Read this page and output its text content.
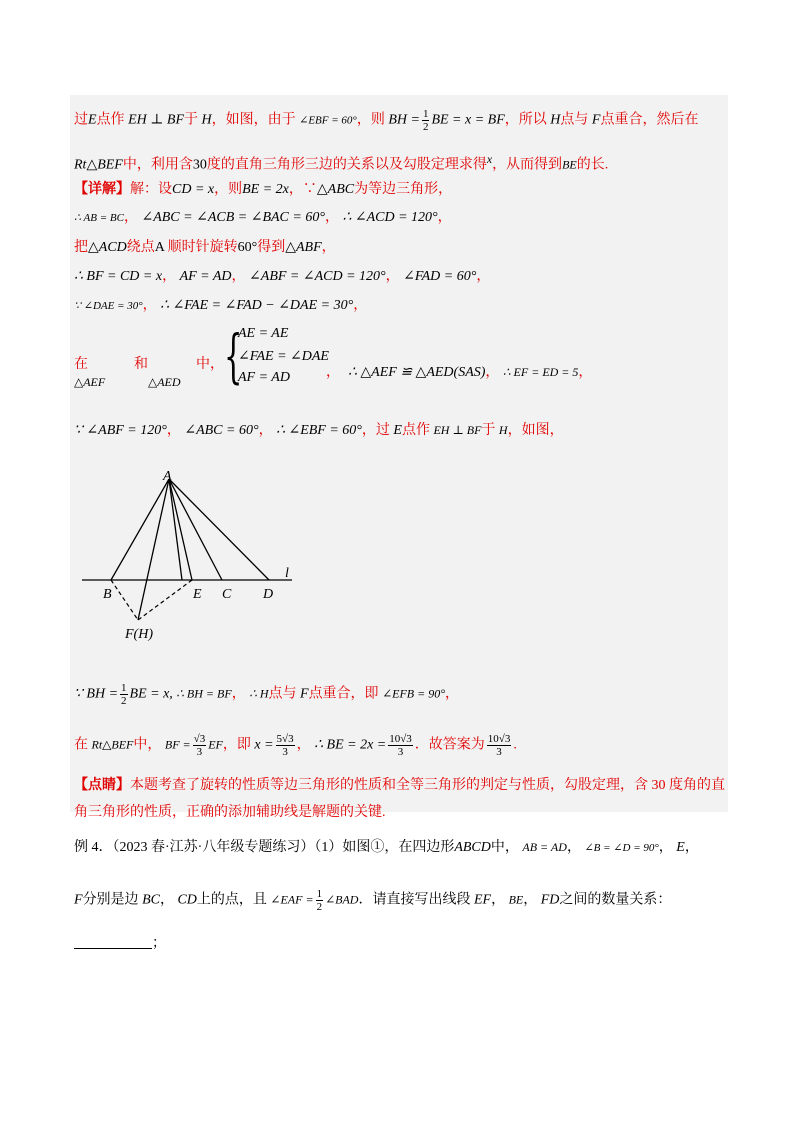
过E点作 EH ⊥ BF于 H，如图，由于 ∠EBF = 60°，则 BH = $\frac{1}{2}$ BE = x = BF，所以 H点与 F点重合，然后在
Rt△BEF中，利用含30度的直角三角形三边的关系以及勾股定理求得$^x$，从而得到BE的长.
【详解】解：设CD = x，则BE = 2x，∵△ABC为等边三角形，
∴ AB = BC， ∠ABC = ∠ACB = ∠BAC = 60°， ∴ ∠ACD = 120°，
把△ACD绕点A 顺时针旋转60°得到△ABF，
∴ BF = CD = x， AF = AD， ∠ABF = ∠ACD = 120°， ∠FAD = 60°，
∵ ∠DAE = 30°， ∴ ∠FAE = ∠FAD − ∠DAE = 30°，
在
△AEF
和
△AED
中， {
AE = AE
∠FAE = ∠DAE
AF = AD	， ∴ △AEF ≌ △AED(SAS)， ∴ EF = ED = 5，
∵ ∠ABF = 120°， ∠ABC = 60°， ∴ ∠EBF = 60°，过 E点作 EH ⊥ BF于 H，如图，
A
B	E C D
l
F(H)
∵ BH = $\frac{1}{2}$ BE = x, ∴ BH = BF， ∴ H点与 F点重合，即 ∠EFB = 90°，
在 Rt△BEF中， BF = $\frac{√3}{3}$ EF，即 $x = \frac{5√3}{3}$ ， ∴ BE = $2x = \frac{10√3}{3}$ ．故答案为 $\frac{10√3}{3}$ .
【点睛】本题考查了旋转的性质等边三角形的性质和全等三角形的判定与性质，勾股定理，含 30 度角的直
角三角形的性质，正确的添加辅助线是解题的关键.
例 4．（2023 春·江苏·八年级专题练习）（1）如图①，在四边形ABCD中， AB = AD， ∠B = ∠D = 90°， E，
F分别是边 BC， CD上的点，且 ∠EAF = $\frac{1}{2}$ ∠BAD．请直接写出线段 EF， BE， FD之间的数量关系：
；
